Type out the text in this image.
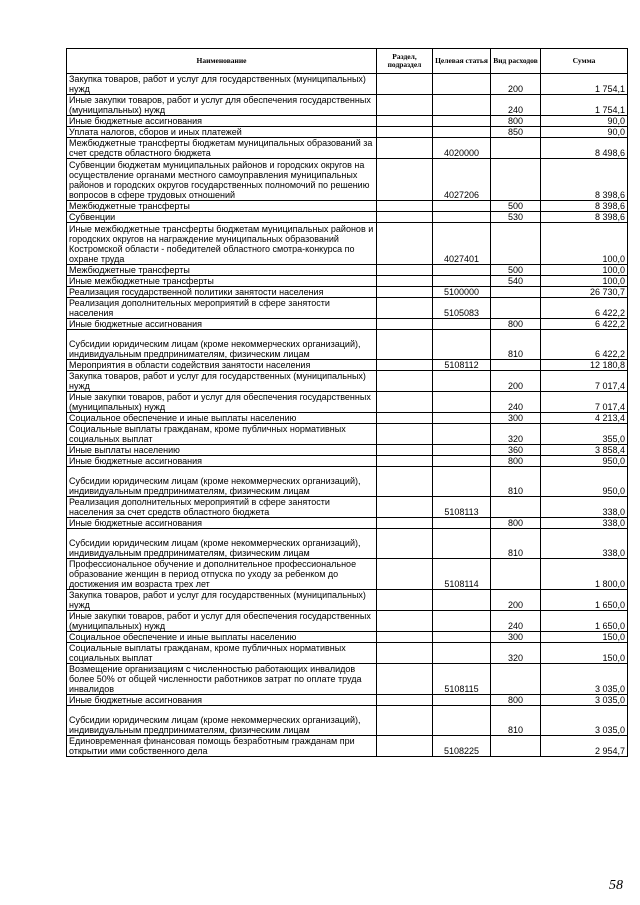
Наименование	Раздел, подраздел	Целевая статья	Вид расходов	Сумма
Закупка товаров, работ и услуг для государственных (муниципальных) нужд			200	1 754,1
Иные закупки товаров, работ и услуг для обеспечения государственных (муниципальных) нужд			240	1 754,1
Иные бюджетные ассигнования			800	90,0
Уплата налогов, сборов и иных платежей			850	90,0
Межбюджетные трансферты бюджетам муниципальных образований за счет средств областного бюджета		4020000		8 498,6
Субвенции бюджетам муниципальных районов и городских округов на осуществление органами местного самоуправления муниципальных районов и городских округов государственных полномочий по решению вопросов в сфере трудовых отношений		4027206		8 398,6
Межбюджетные трансферты			500	8 398,6
Субвенции			530	8 398,6
Иные межбюджетные трансферты бюджетам муниципальных районов и городских округов на награждение муниципальных образований Костромской области - победителей областного смотра-конкурса по охране труда		4027401		100,0
Межбюджетные трансферты			500	100,0
Иные межбюджетные трансферты			540	100,0
Реализация государственной политики занятости населения		5100000		26 730,7
Реализация дополнительных мероприятий в сфере занятости населения		5105083		6 422,2
Иные бюджетные ассигнования			800	6 422,2
Субсидии юридическим лицам (кроме некоммерческих организаций), индивидуальным предпринимателям, физическим лицам			810	6 422,2
Мероприятия в области содействия занятости населения		5108112		12 180,8
Закупка товаров, работ и услуг для государственных (муниципальных) нужд			200	7 017,4
Иные закупки товаров, работ и услуг для обеспечения государственных (муниципальных) нужд			240	7 017,4
Социальное обеспечение и иные выплаты населению			300	4 213,4
Социальные выплаты гражданам, кроме публичных нормативных социальных выплат			320	355,0
Иные выплаты населению			360	3 858,4
Иные бюджетные ассигнования			800	950,0
Субсидии юридическим лицам (кроме некоммерческих организаций), индивидуальным предпринимателям, физическим лицам			810	950,0
Реализация дополнительных мероприятий в сфере занятости населения за счет средств областного бюджета		5108113		338,0
Иные бюджетные ассигнования			800	338,0
Субсидии юридическим лицам (кроме некоммерческих организаций), индивидуальным предпринимателям, физическим лицам			810	338,0
Профессиональное обучение и дополнительное профессиональное образование женщин в период отпуска по уходу за ребенком до достижения им возраста трех лет		5108114		1 800,0
Закупка товаров, работ и услуг для государственных (муниципальных) нужд			200	1 650,0
Иные закупки товаров, работ и услуг для обеспечения государственных (муниципальных) нужд			240	1 650,0
Социальное обеспечение и иные выплаты населению			300	150,0
Социальные выплаты гражданам, кроме публичных нормативных социальных выплат			320	150,0
Возмещение организациям с численностью работающих инвалидов более 50% от общей численности работников затрат по оплате труда инвалидов		5108115		3 035,0
Иные бюджетные ассигнования			800	3 035,0
Субсидии юридическим лицам (кроме некоммерческих организаций), индивидуальным предпринимателям, физическим лицам			810	3 035,0
Единовременная финансовая помощь безработным гражданам при открытии ими собственного дела		5108225		2 954,7
58
